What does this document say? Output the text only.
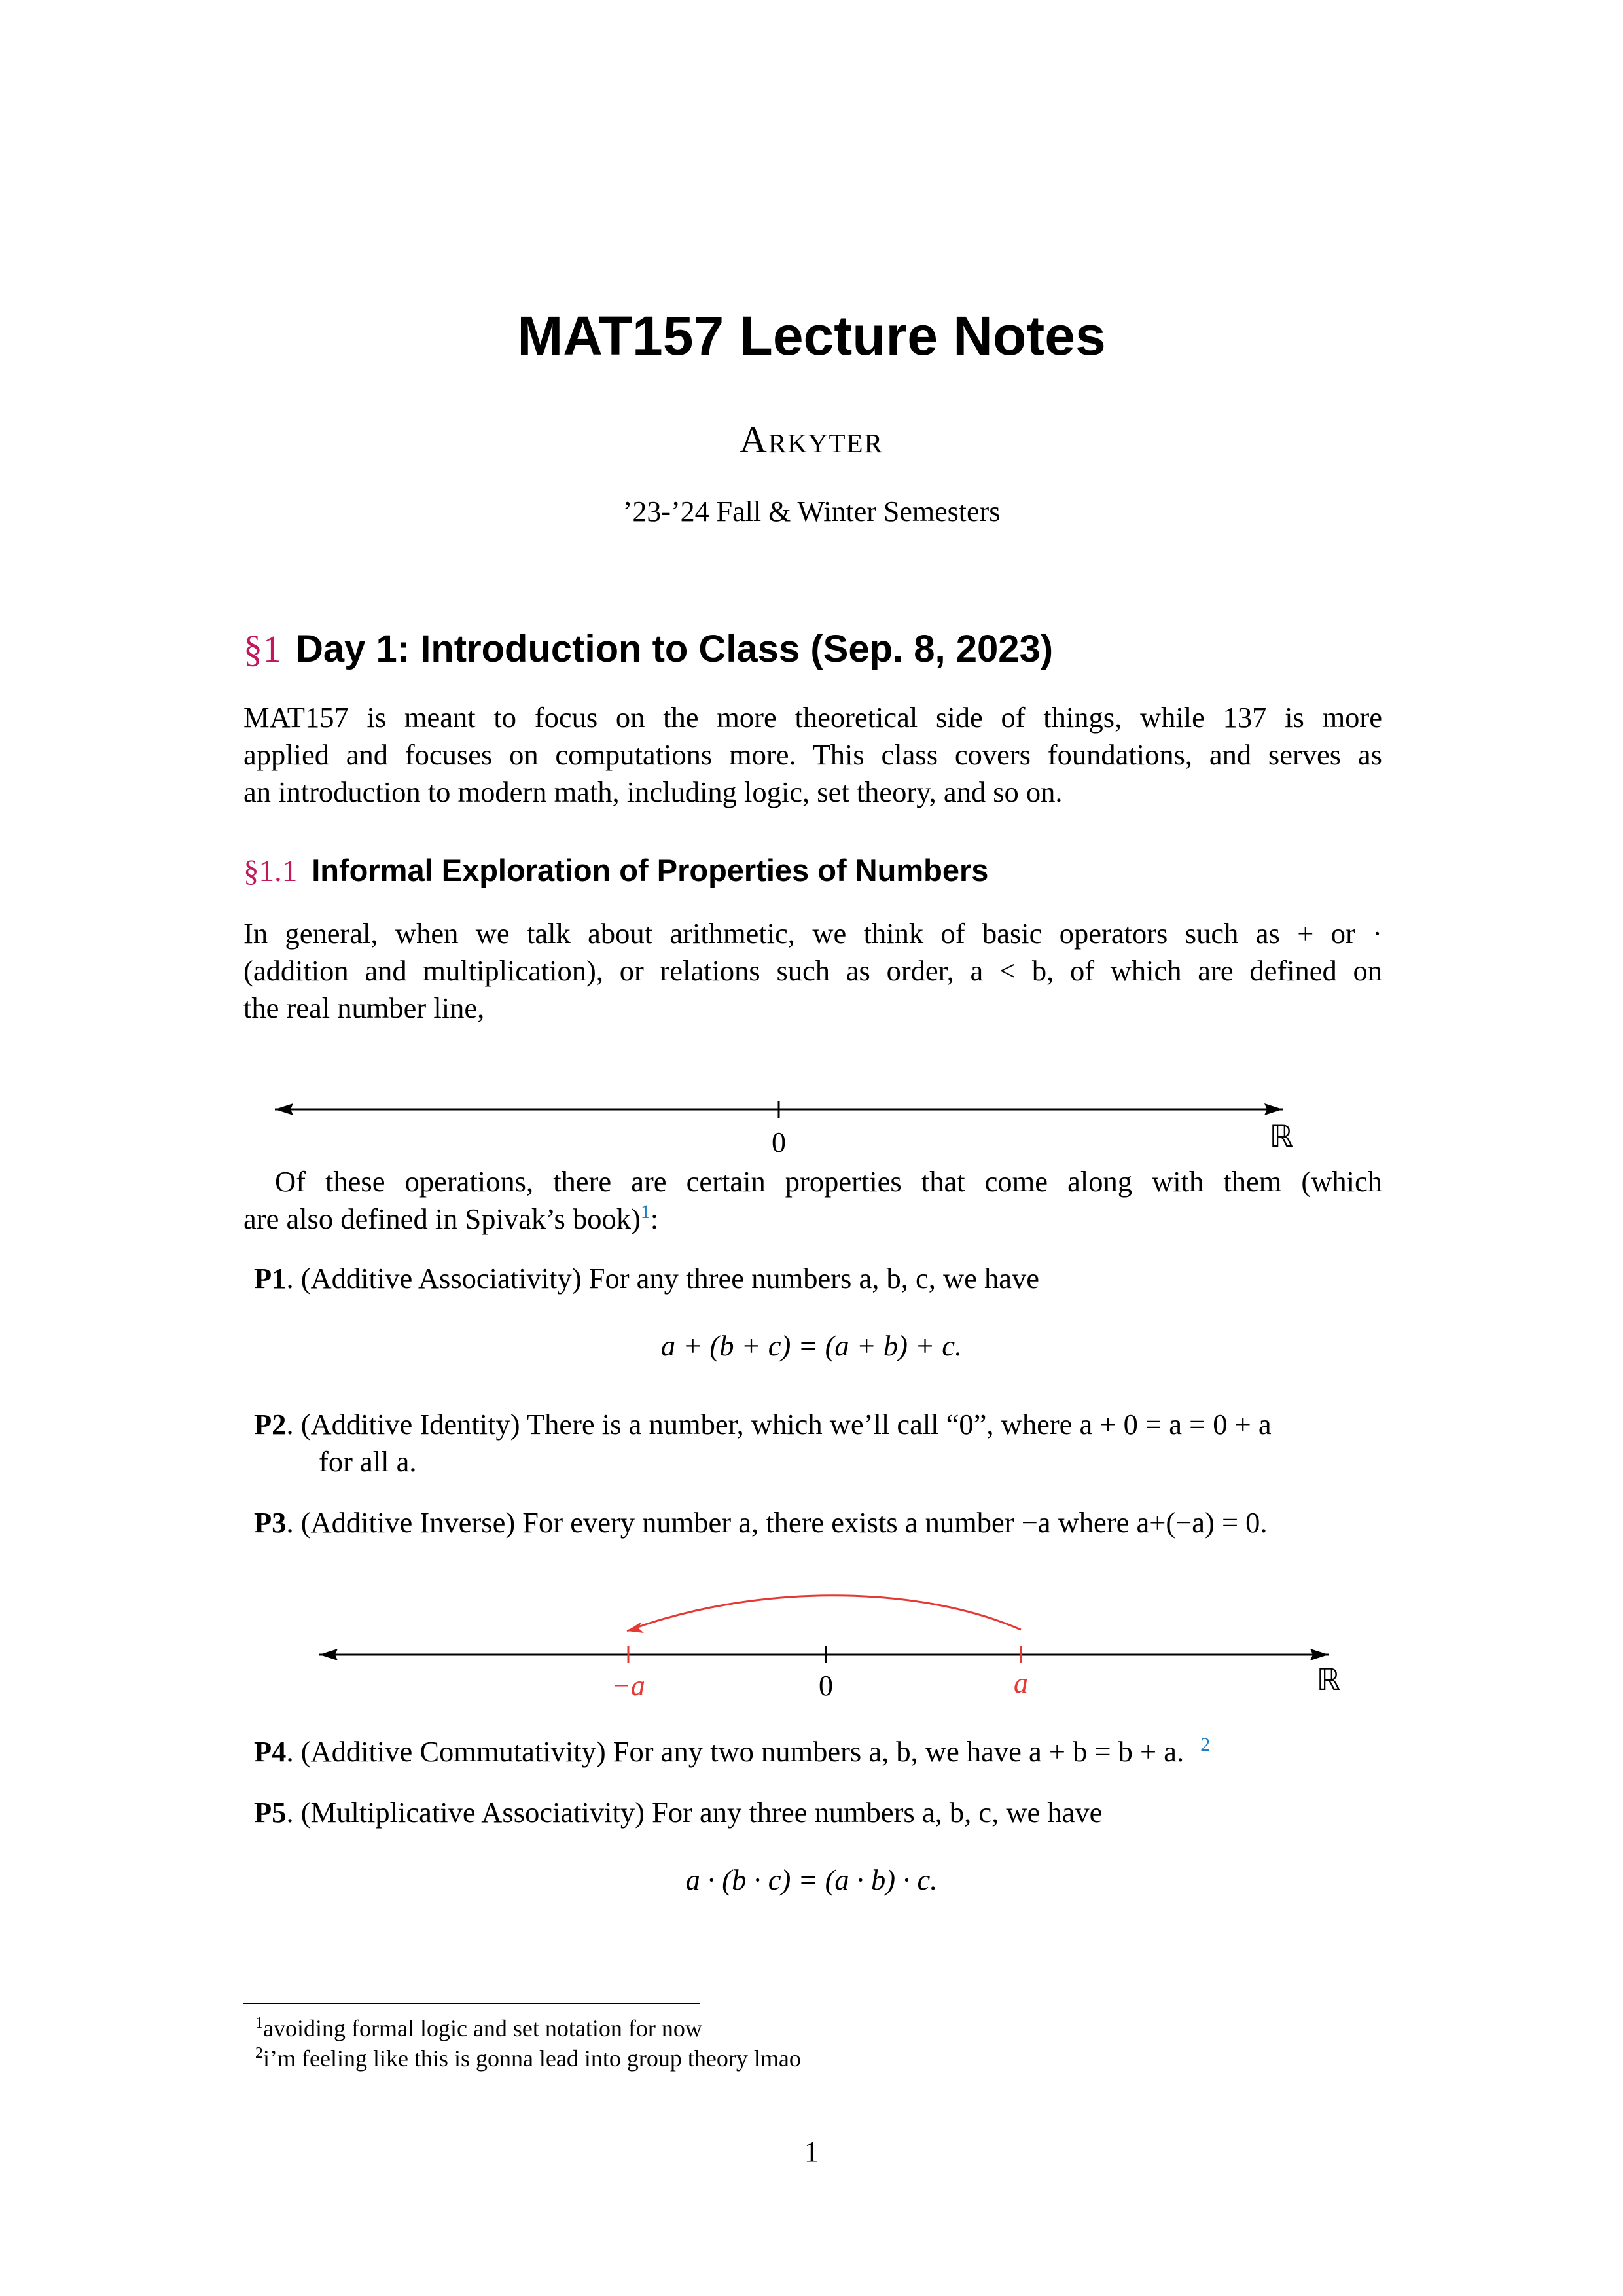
MAT157 Lecture Notes
Arkyter
’23-’24 Fall & Winter Semesters
§1 Day 1: Introduction to Class (Sep. 8, 2023)
MAT157 is meant to focus on the more theoretical side of things, while 137 is more
applied and focuses on computations more. This class covers foundations, and serves as
an introduction to modern math, including logic, set theory, and so on.
§1.1 Informal Exploration of Properties of Numbers
In general, when we talk about arithmetic, we think of basic operators such as + or ·
(addition and multiplication), or relations such as order, a < b, of which are defined on
the real number line,
0	ℝ
Of these operations, there are certain properties that come along with them (which
are also defined in Spivak’s book)$^1$:
P1. (Additive Associativity) For any three numbers a, b, c, we have
a + (b + c) = (a + b) + c.
P2. (Additive Identity) There is a number, which we’ll call “0”, where a + 0 = a = 0 + a
for all a.
P3. (Additive Inverse) For every number a, there exists a number −a where a+(−a) = 0.
−a	0	a	ℝ
P4. (Additive Commutativity) For any two numbers a, b, we have a + b = b + a. $^2$
P5. (Multiplicative Associativity) For any three numbers a, b, c, we have
a · (b · c) = (a · b) · c.
$^1$avoiding formal logic and set notation for now
$^2$i’m feeling like this is gonna lead into group theory lmao
1
